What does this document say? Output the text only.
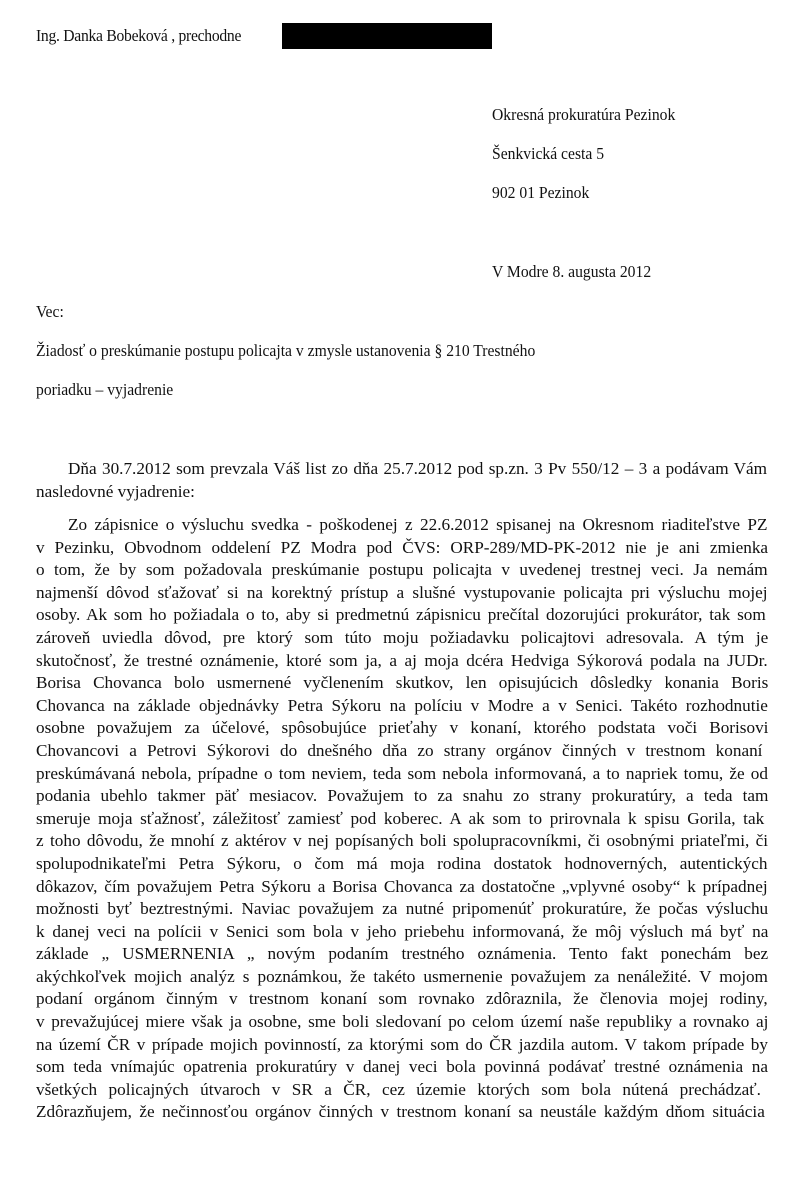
Ing. Danka Bobeková , prechodne
Okresná prokuratúra Pezinok
Šenkvická cesta 5
902 01 Pezinok
V Modre 8. augusta 2012
Vec:
Žiadosť o preskúmanie postupu policajta v zmysle ustanovenia § 210 Trestného
poriadku – vyjadrenie
Dňa 30.7.2012 som prevzala Váš list zo dňa 25.7.2012 pod sp.zn. 3 Pv 550/12 – 3 a podávam Vám
nasledovné vyjadrenie:
Zo zápisnice o výsluchu svedka - poškodenej z 22.6.2012 spisanej na Okresnom riaditeľstve PZ
v Pezinku, Obvodnom oddelení PZ Modra pod ČVS: ORP-289/MD-PK-2012 nie je ani zmienka
o tom, že by som požadovala preskúmanie postupu policajta v uvedenej trestnej veci. Ja nemám
najmenší dôvod sťažovať si na korektný prístup a slušné vystupovanie policajta pri výsluchu mojej
osoby. Ak som ho požiadala o to, aby si predmetnú zápisnicu prečítal dozorujúci prokurátor, tak som
zároveň uviedla dôvod, pre ktorý som túto moju požiadavku policajtovi adresovala. A tým je
skutočnosť, že trestné oznámenie, ktoré som ja, a aj moja dcéra Hedviga Sýkorová podala na JUDr.
Borisa Chovanca bolo usmernené vyčlenením skutkov, len opisujúcich dôsledky konania Boris
Chovanca na základe objednávky Petra Sýkoru na políciu v Modre a v Senici. Takéto rozhodnutie
osobne považujem za účelové, spôsobujúce prieťahy v konaní, ktorého podstata voči Borisovi
Chovancovi a Petrovi Sýkorovi do dnešného dňa zo strany orgánov činných v trestnom konaní
preskúmávaná nebola, prípadne o tom neviem, teda som nebola informovaná, a to napriek tomu, že od
podania ubehlo takmer päť mesiacov. Považujem to za snahu zo strany prokuratúry, a teda tam
smeruje moja sťažnosť, záležitosť zamiesť pod koberec. A ak som to prirovnala k spisu Gorila, tak
z toho dôvodu, že mnohí z aktérov v nej popísaných boli spolupracovníkmi, či osobnými priateľmi, či
spolupodnikateľmi Petra Sýkoru, o čom má moja rodina dostatok hodnoverných, autentických
dôkazov, čím považujem Petra Sýkoru a Borisa Chovanca za dostatočne „vplyvné osoby“ k prípadnej
možnosti byť beztrestnými. Naviac považujem za nutné pripomenúť prokuratúre, že počas výsluchu
k danej veci na polícii v Senici som bola v jeho priebehu informovaná, že môj výsluch má byť na
základe „ USMERNENIA „ novým podaním trestného oznámenia. Tento fakt ponechám bez
akýchkoľvek mojich analýz s poznámkou, že takéto usmernenie považujem za nenáležité. V mojom
podaní orgánom činným v trestnom konaní som rovnako zdôraznila, že členovia mojej rodiny,
v prevažujúcej miere však ja osobne, sme boli sledovaní po celom území naše republiky a rovnako aj
na území ČR v prípade mojich povinností, za ktorými som do ČR jazdila autom. V takom prípade by
som teda vnímajúc opatrenia prokuratúry v danej veci bola povinná podávať trestné oznámenia na
všetkých policajných útvaroch v SR a ČR, cez územie ktorých som bola nútená prechádzať.
Zdôrazňujem, že nečinnosťou orgánov činných v trestnom konaní sa neustále každým dňom situácia
